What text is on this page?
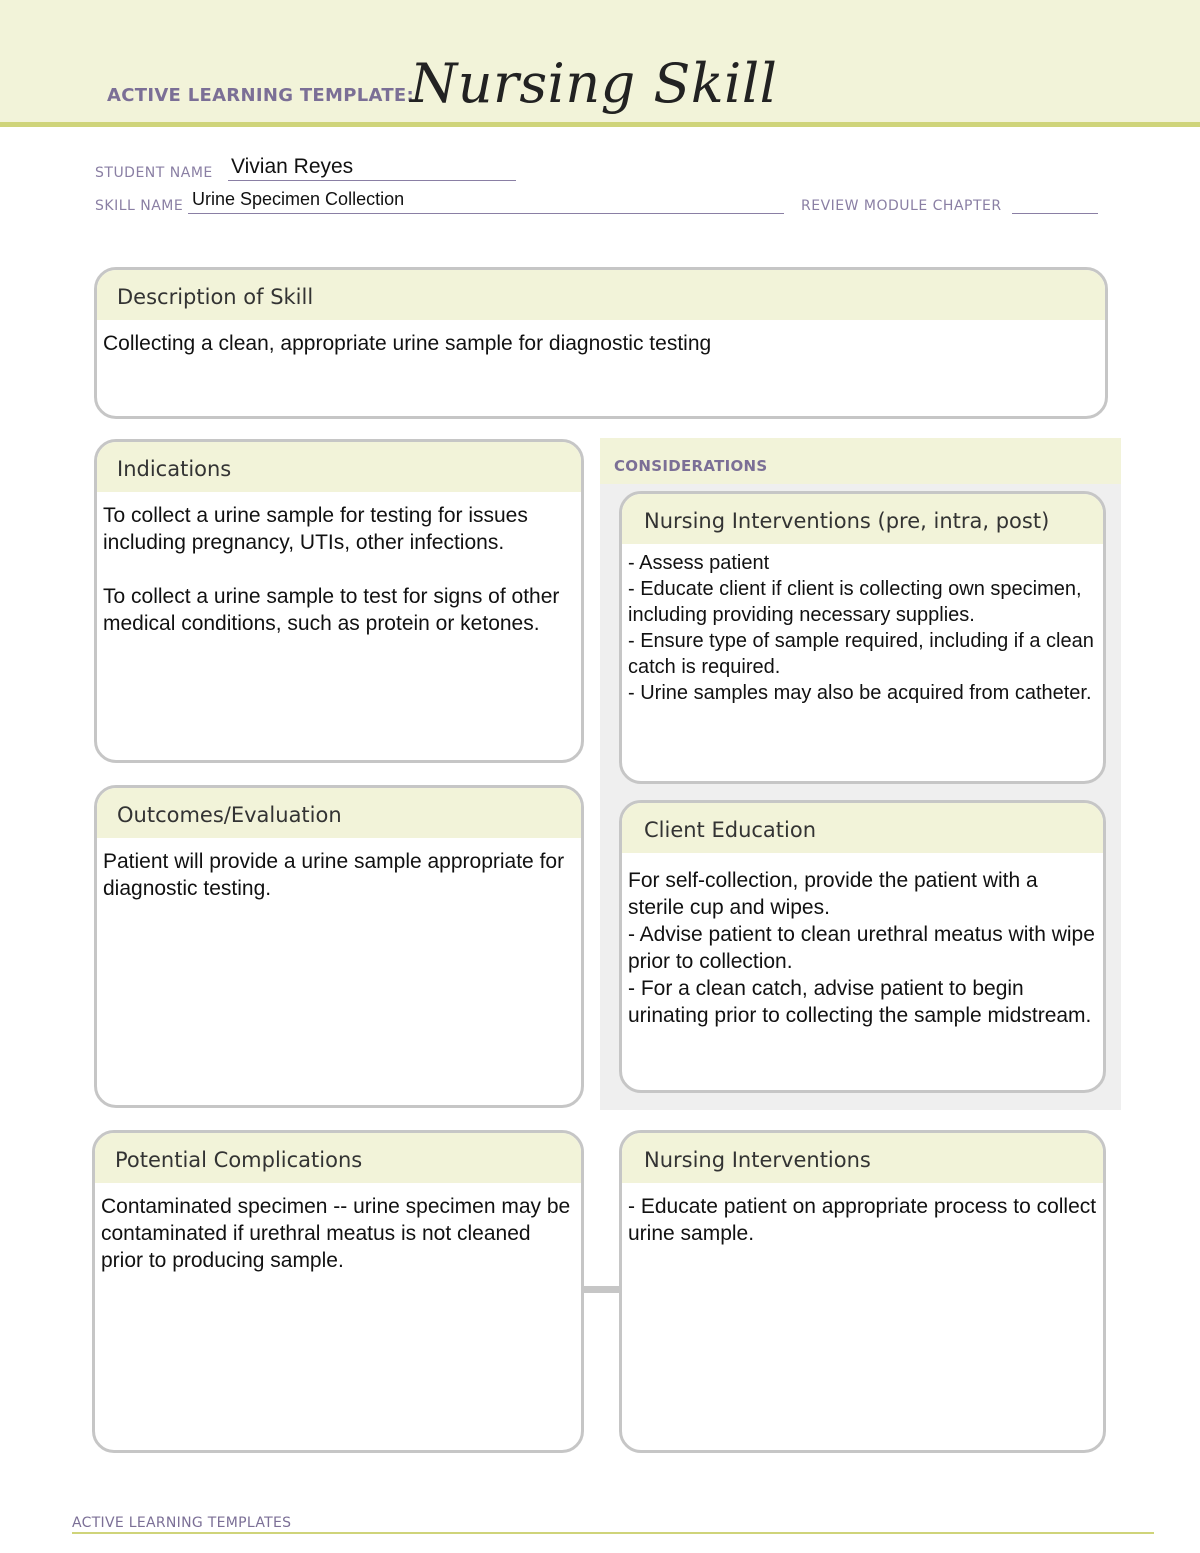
ACTIVE LEARNING TEMPLATE:
Nursing Skill
STUDENT NAME Vivian Reyes
SKILL NAME Urine Specimen Collection	REVIEW MODULE CHAPTER
Description of Skill
Collecting a clean, appropriate urine sample for diagnostic testing
Indications
To collect a urine sample for testing for issues including pregnancy, UTIs, other infections.

To collect a urine sample to test for signs of other medical conditions, such as protein or ketones.
Outcomes/Evaluation
Patient will provide a urine sample appropriate for diagnostic testing.
CONSIDERATIONS
Nursing Interventions (pre, intra, post)
- Assess patient
- Educate client if client is collecting own specimen, including providing necessary supplies.
- Ensure type of sample required, including if a clean catch is required.
- Urine samples may also be acquired from catheter.
Client Education
For self-collection, provide the patient with a sterile cup and wipes.
- Advise patient to clean urethral meatus with wipe prior to collection.
- For a clean catch, advise patient to begin urinating prior to collecting the sample midstream.
Potential Complications
Contaminated specimen -- urine specimen may be contaminated if urethral meatus is not cleaned prior to producing sample.
Nursing Interventions
- Educate patient on appropriate process to collect urine sample.
ACTIVE LEARNING TEMPLATES
